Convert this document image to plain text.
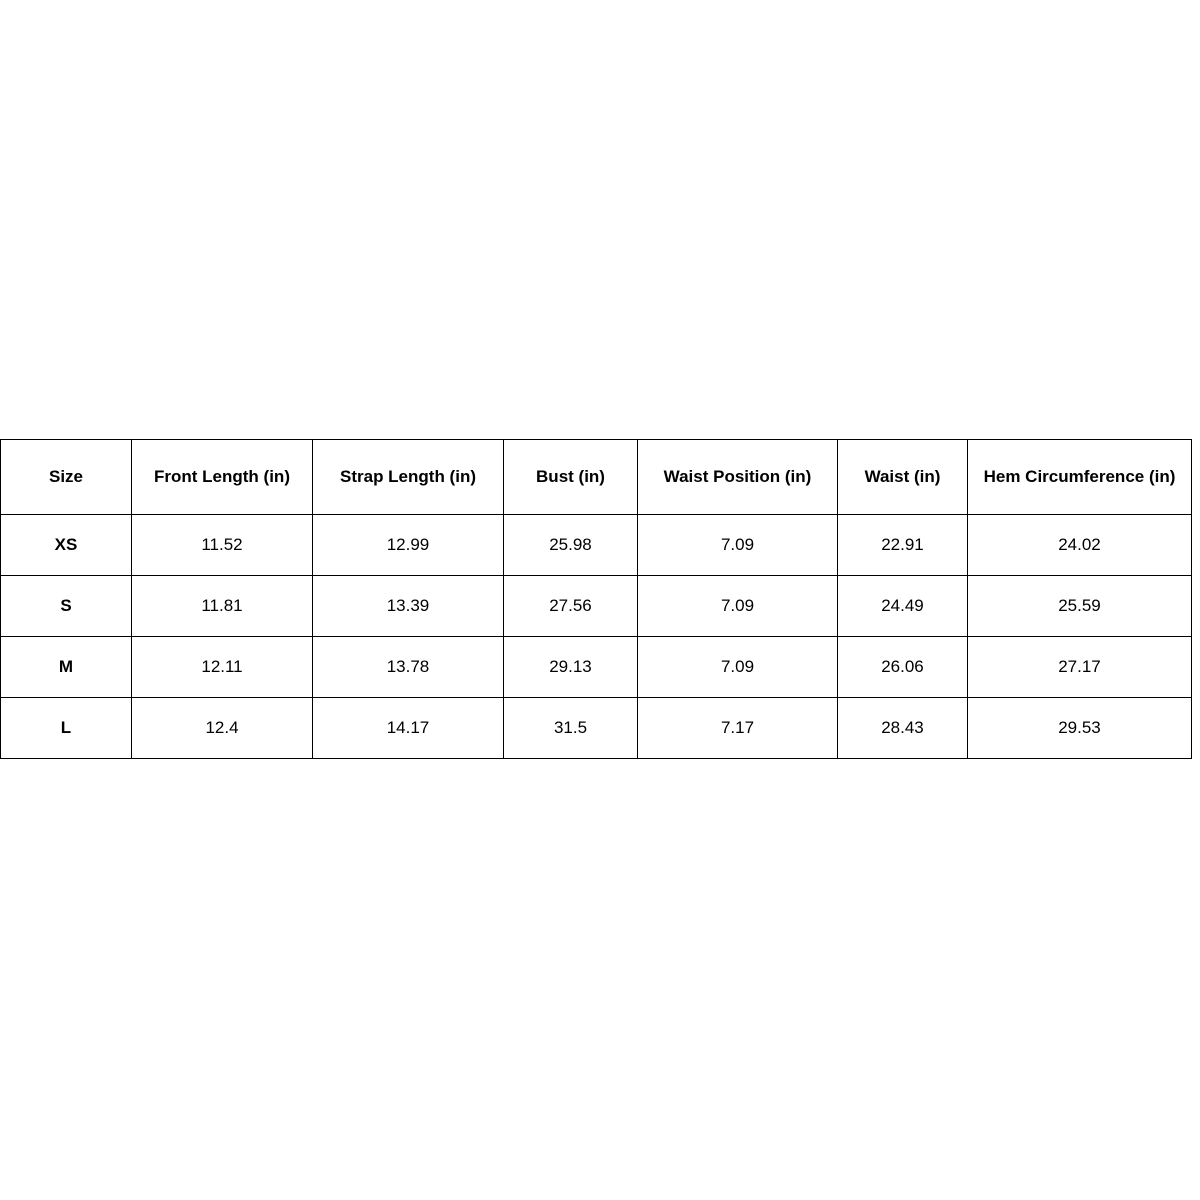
Size	Front Length (in)	Strap Length (in)	Bust (in)	Waist Position (in)	Waist (in)	Hem Circumference (in)
XS	11.52	12.99	25.98	7.09	22.91	24.02
S	11.81	13.39	27.56	7.09	24.49	25.59
M	12.11	13.78	29.13	7.09	26.06	27.17
L	12.4	14.17	31.5	7.17	28.43	29.53
